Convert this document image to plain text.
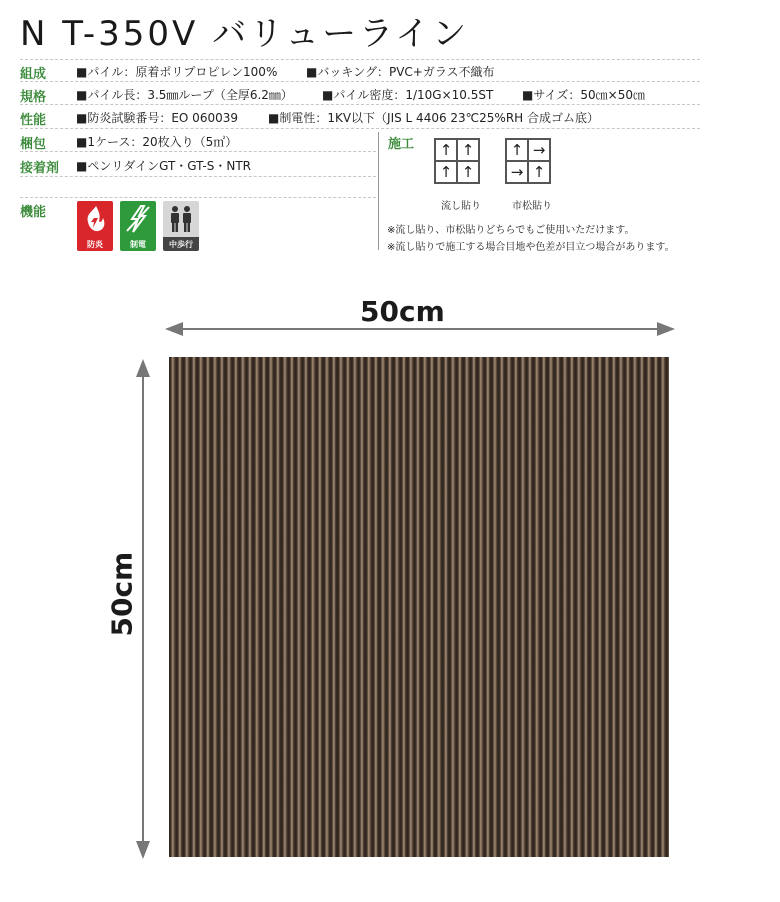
N T-350V バリューライン
組成 ■パイル：原着ポリプロピレン100% ■バッキング：PVC+ガラス不織布
規格 ■パイル長：3.5㎜ループ（全厚6.2㎜） ■パイル密度：1/10G×10.5ST ■サイズ：50㎝×50㎝
性能 ■防炎試験番号：EO 060039	■制電性：1KV以下（JIS L 4406 23℃25%RH 合成ゴム底）
梱包 ■1ケース：20枚入り（5㎡）
接着剤 ■ペンリダインGT・GT-S・NTR
機能
防炎	制電	中歩行
施工	↑ ↑
↑ ↑
流し貼り
↑ →
→ ↑
市松貼り
※流し貼り、市松貼りどちらでもご使用いただけます。
※流し貼りで施工する場合目地や色差が目立つ場合があります。
50cm
50cm
